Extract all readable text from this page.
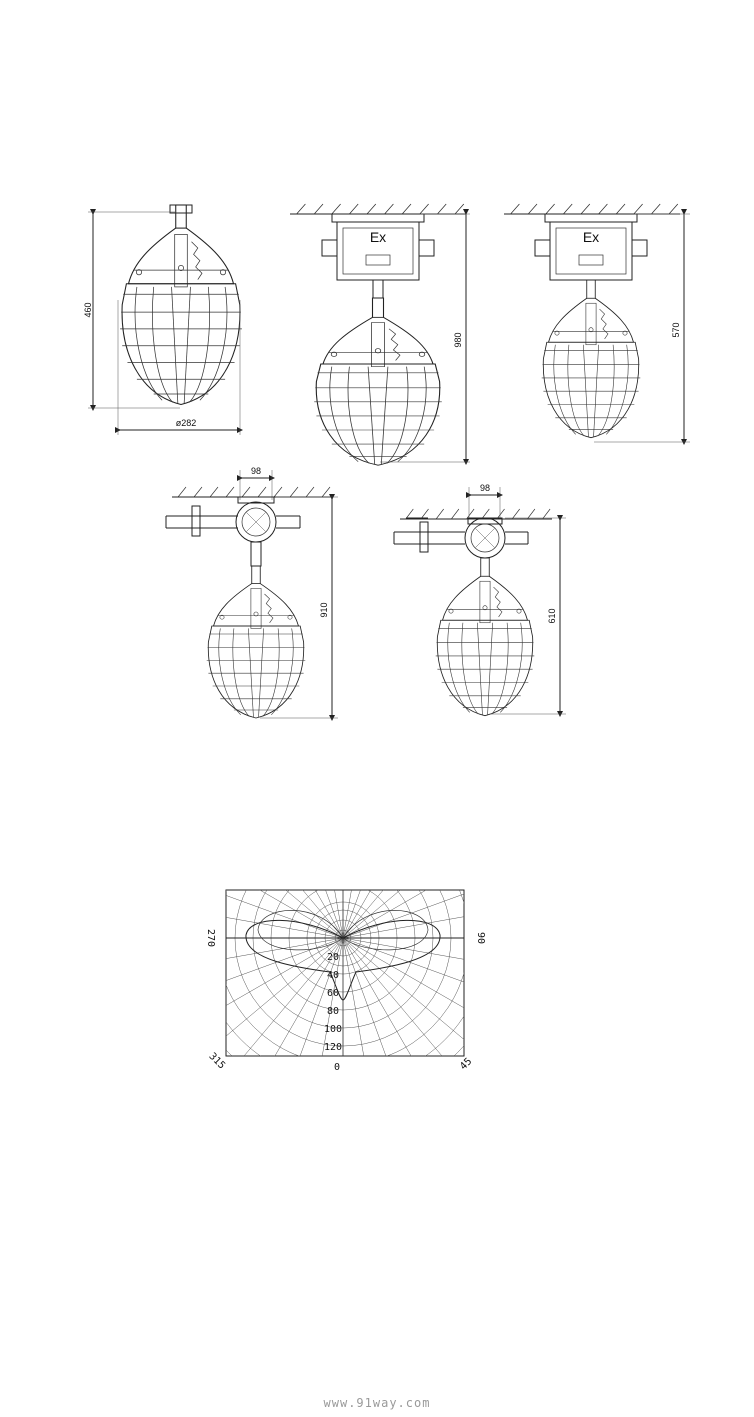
460
ø282
Ex
980
Ex
570
98
910
98
610
20
40
60
80
100
120
270	90
315	0	45
www.91way.com
